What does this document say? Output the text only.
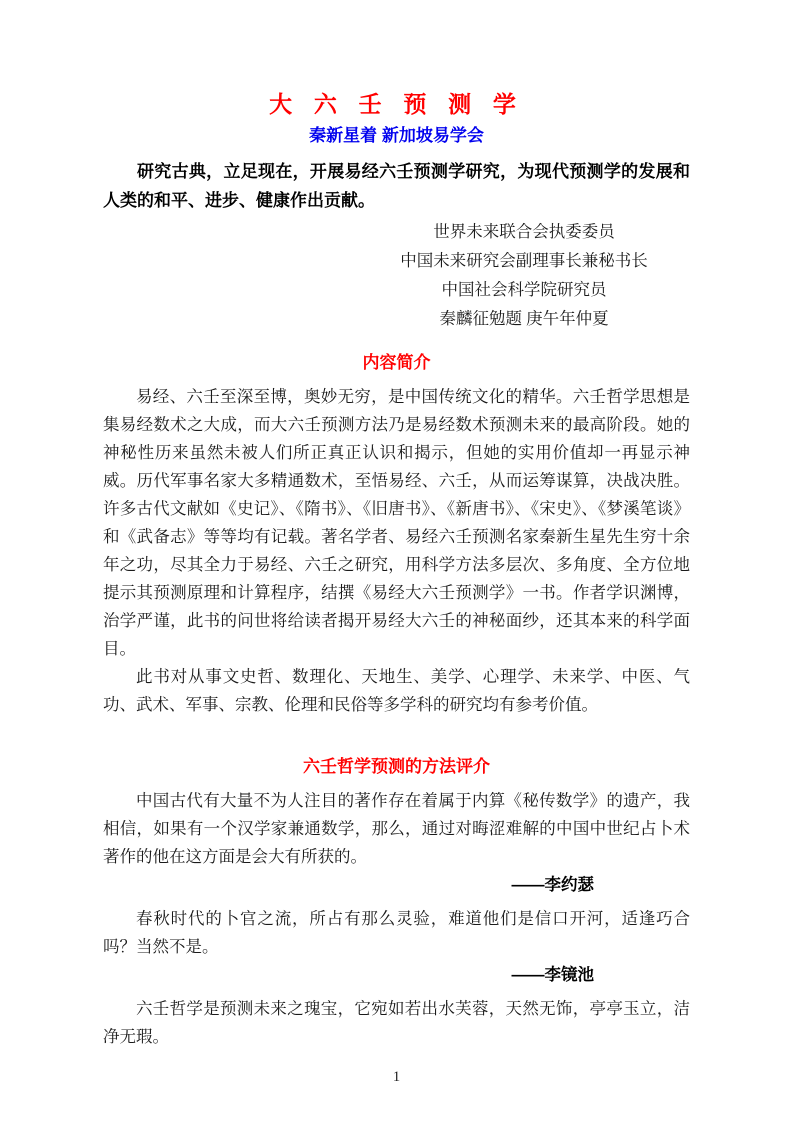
大 六 壬 预 测 学
秦新星着 新加坡易学会

研究古典，立足现在，开展易经六壬预测学研究，为现代预测学的发展和人类的和平、进步、健康作出贡献。

世界未来联合会执委委员
中国未来研究会副理事长兼秘书长
中国社会科学院研究员
秦麟征勉题 庚午年仲夏
内容简介

易经、六壬至深至博，奥妙无穷，是中国传统文化的精华。六壬哲学思想是集易经数术之大成，而大六壬预测方法乃是易经数术预测未来的最高阶段。她的神秘性历来虽然未被人们所正真正认识和揭示，但她的实用价值却一再显示神威。历代军事名家大多精通数术，至悟易经、六壬，从而运筹谋算，决战决胜。许多古代文献如《史记》、《隋书》、《旧唐书》、《新唐书》、《宋史》、《梦溪笔谈》和《武备志》等等均有记载。著名学者、易经六壬预测名家秦新生星先生穷十余年之功，尽其全力于易经、六壬之研究，用科学方法多层次、多角度、全方位地提示其预测原理和计算程序，结撰《易经大六壬预测学》一书。作者学识渊博，治学严谨，此书的问世将给读者揭开易经大六壬的神秘面纱，还其本来的科学面目。

此书对从事文史哲、数理化、天地生、美学、心理学、未来学、中医、气功、武术、军事、宗教、伦理和民俗等多学科的研究均有参考价值。

六壬哲学预测的方法评介

中国古代有大量不为人注目的著作存在着属于内算《秘传数学》的遗产，我相信，如果有一个汉学家兼通数学，那么，通过对晦涩难解的中国中世纪占卜术著作的他在这方面是会大有所获的。

——李约瑟

春秋时代的卜官之流，所占有那么灵验，难道他们是信口开河，适逢巧合吗？当然不是。

——李镜池

六壬哲学是预测未来之瑰宝，它宛如若出水芙蓉，天然无饰，亭亭玉立，洁净无瑕。

1
